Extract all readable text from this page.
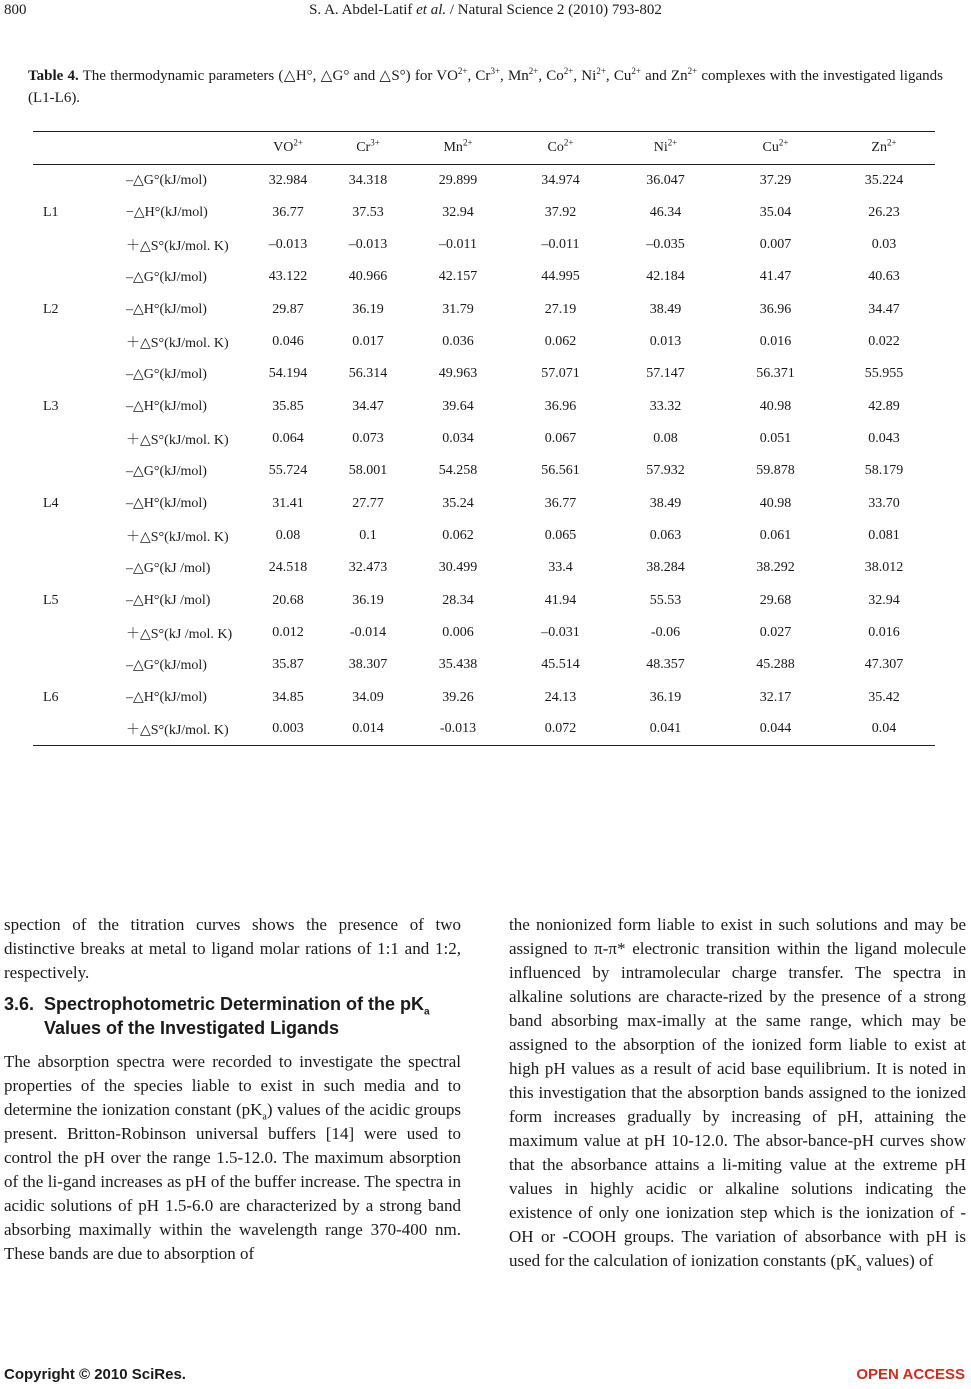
800	S. A. Abdel-Latif et al. / Natural Science 2 (2010) 793-802
Table 4. The thermodynamic parameters (△H°, △G° and △S°) for $VO^{2+}$, $Cr^{3+}$, $Mn^{2+}$, $Co^{2+}$, $Ni^{2+}$, $Cu^{2+}$ and $Zn^{2+}$ complexes with the investigated ligands (L1-L6).
		$VO^{2+}$	$Cr^{3+}$	$Mn^{2+}$	$Co^{2+}$	$Ni^{2+}$	$Cu^{2+}$	$Zn^{2+}$
	–△G°(kJ/mol)	32.984	34.318	29.899	34.974	36.047	37.29	35.224
L1	−△H°(kJ/mol)	36.77	37.53	32.94	37.92	46.34	35.04	26.23
	＋△S°(kJ/mol. K)	–0.013	–0.013	–0.011	–0.011	–0.035	0.007	0.03
	–△G°(kJ/mol)	43.122	40.966	42.157	44.995	42.184	41.47	40.63
L2	–△H°(kJ/mol)	29.87	36.19	31.79	27.19	38.49	36.96	34.47
	＋△S°(kJ/mol. K)	0.046	0.017	0.036	0.062	0.013	0.016	0.022
	–△G°(kJ/mol)	54.194	56.314	49.963	57.071	57.147	56.371	55.955
L3	–△H°(kJ/mol)	35.85	34.47	39.64	36.96	33.32	40.98	42.89
	＋△S°(kJ/mol. K)	0.064	0.073	0.034	0.067	0.08	0.051	0.043
	–△G°(kJ/mol)	55.724	58.001	54.258	56.561	57.932	59.878	58.179
L4	–△H°(kJ/mol)	31.41	27.77	35.24	36.77	38.49	40.98	33.70
	＋△S°(kJ/mol. K)	0.08	0.1	0.062	0.065	0.063	0.061	0.081
	–△G°(kJ /mol)	24.518	32.473	30.499	33.4	38.284	38.292	38.012
L5	–△H°(kJ /mol)	20.68	36.19	28.34	41.94	55.53	29.68	32.94
	＋△S°(kJ /mol. K)	0.012	-0.014	0.006	–0.031	-0.06	0.027	0.016
	–△G°(kJ/mol)	35.87	38.307	35.438	45.514	48.357	45.288	47.307
L6	–△H°(kJ/mol)	34.85	34.09	39.26	24.13	36.19	32.17	35.42
	＋△S°(kJ/mol. K)	0.003	0.014	-0.013	0.072	0.041	0.044	0.04

spection of the titration curves shows the presence of two distinctive breaks at metal to ligand molar rations of 1:1 and 1:2, respectively.

3.6. Spectrophotometric Determination of the $pK_a$ Values of the Investigated Ligands

The absorption spectra were recorded to investigate the spectral properties of the species liable to exist in such media and to determine the ionization constant $(pK_a)$ values of the acidic groups present. Britton-Robinson universal buffers [14] were used to control the pH over the range 1.5-12.0. The maximum absorption of the li-gand increases as pH of the buffer increase. The spectra in acidic solutions of pH 1.5-6.0 are characterized by a strong band absorbing maximally within the wavelength range 370-400 nm. These bands are due to absorption of

the nonionized form liable to exist in such solutions and may be assigned to π-π* electronic transition within the ligand molecule influenced by intramolecular charge transfer. The spectra in alkaline solutions are characte-rized by the presence of a strong band absorbing max-imally at the same range, which may be assigned to the absorption of the ionized form liable to exist at high pH values as a result of acid base equilibrium. It is noted in this investigation that the absorption bands assigned to the ionized form increases gradually by increasing of pH, attaining the maximum value at pH 10-12.0. The absor-bance-pH curves show that the absorbance attains a li-miting value at the extreme pH values in highly acidic or alkaline solutions indicating the existence of only one ionization step which is the ionization of -OH or -COOH groups. The variation of absorbance with pH is used for the calculation of ionization constants ($pK_a$ values) of

Copyright © 2010 SciRes.	OPEN ACCESS
